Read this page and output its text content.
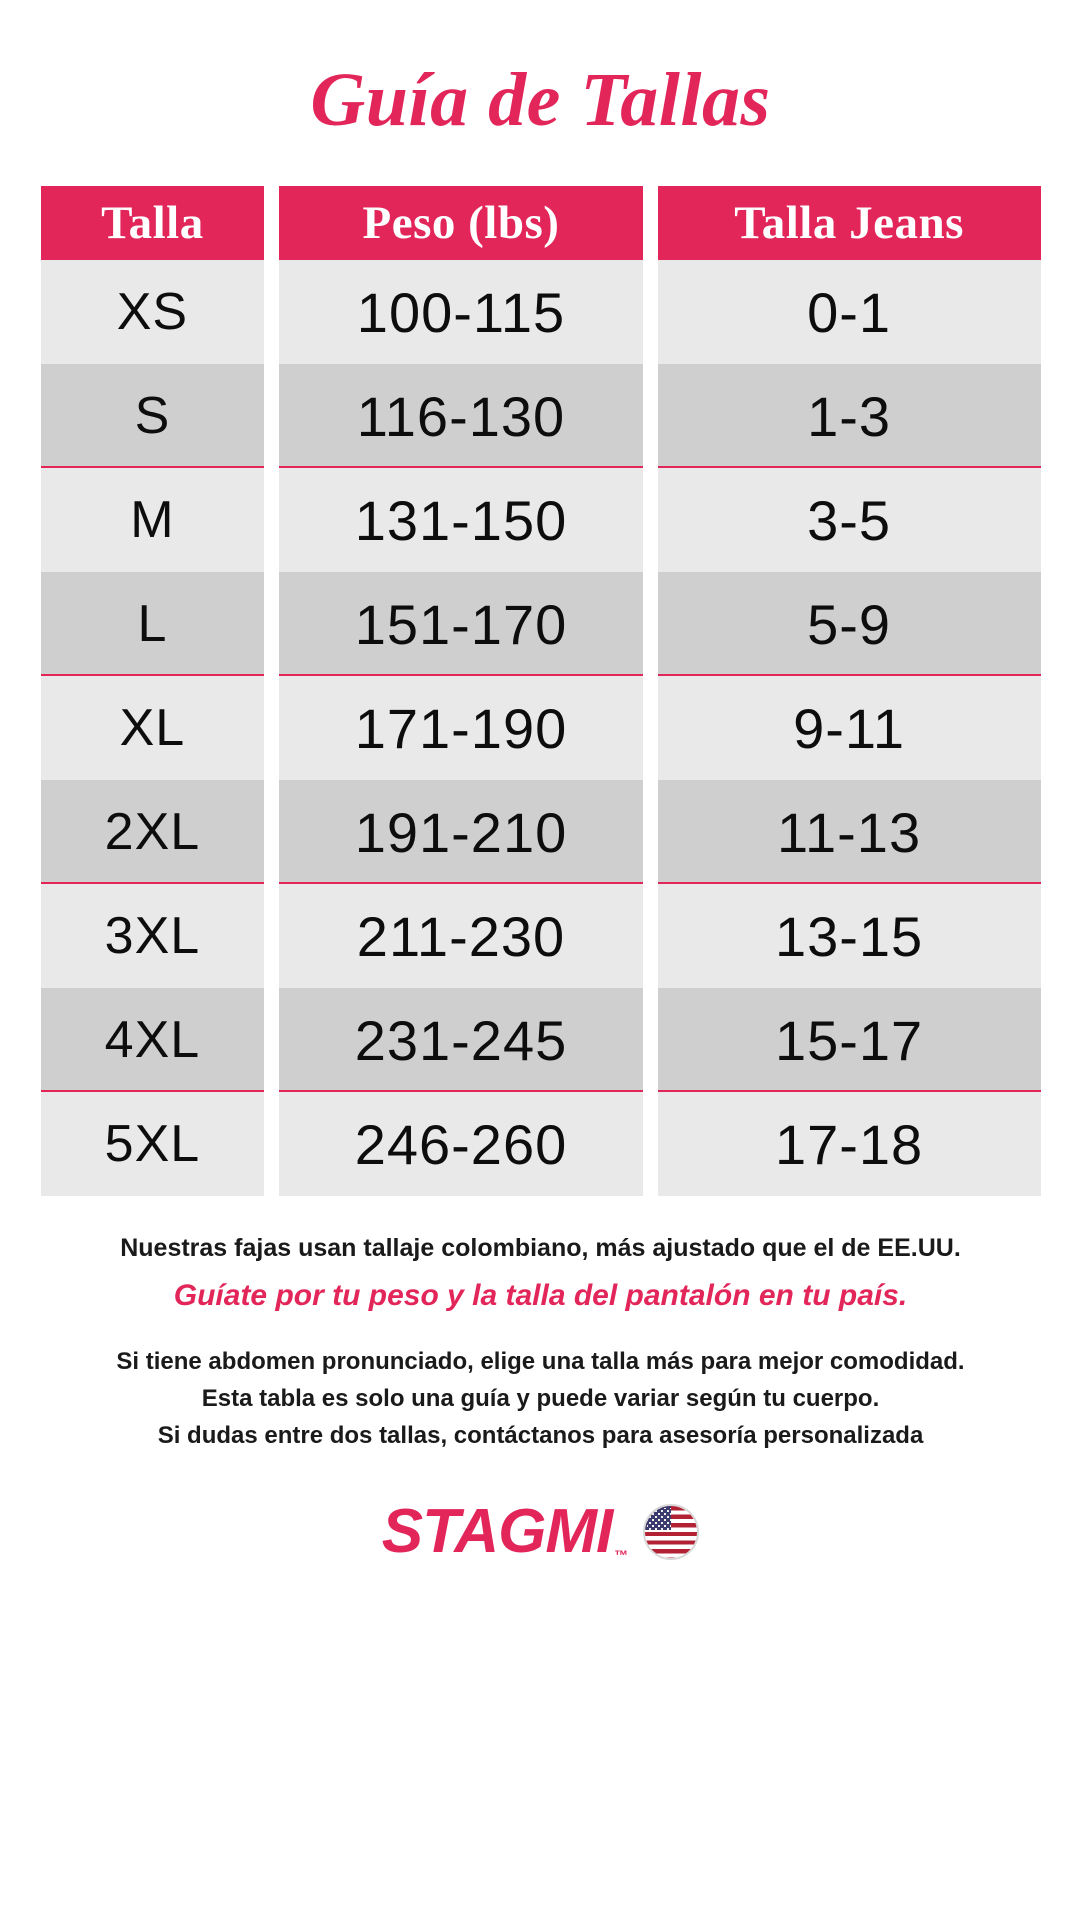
Guía de Tallas
Talla
XS
S
M
L
XL
2XL
3XL
4XL
5XL
Peso (lbs)
100-115
116-130
131-150
151-170
171-190
191-210
211-230
231-245
246-260
Talla Jeans
0-1
1-3
3-5
5-9
9-11
11-13
13-15
15-17
17-18
Nuestras fajas usan tallaje colombiano, más ajustado que el de EE.UU.
Guíate por tu peso y la talla del pantalón en tu país.
Si tiene abdomen pronunciado, elige una talla más para mejor comodidad.
Esta tabla es solo una guía y puede variar según tu cuerpo.
Si dudas entre dos tallas, contáctanos para asesoría personalizada
STAGMI ™
